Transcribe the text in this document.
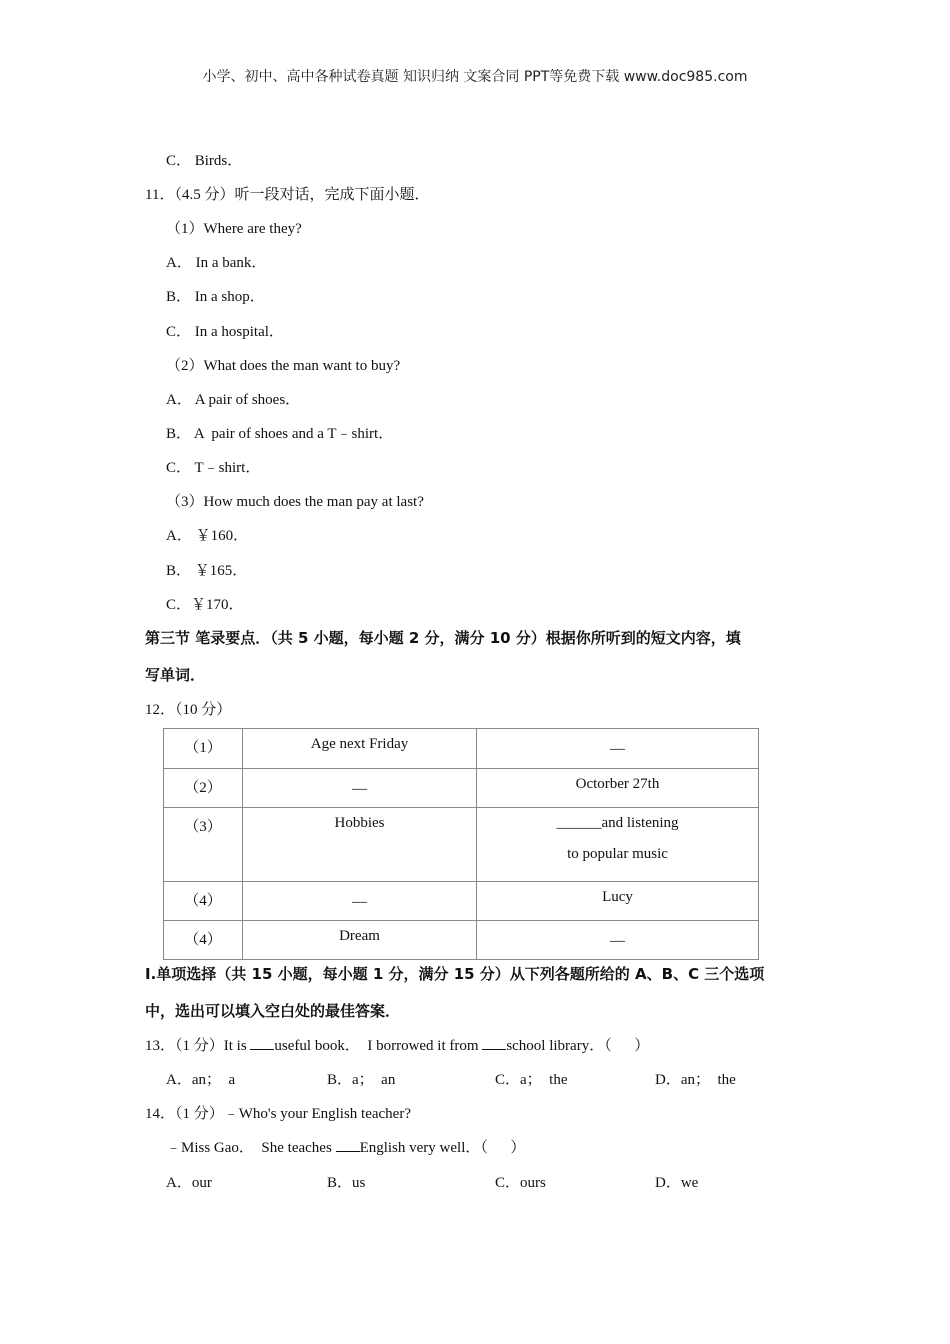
小学、初中、高中各种试卷真题 知识归纳 文案合同 PPT等免费下载 www.doc985.com
C． Birds．
11．（4.5 分）听一段对话，完成下面小题．
（1）Where are they?
A． In a bank．
B． In a shop．
C． In a hospital．
（2）What does the man want to buy?
A． A pair of shoes．
B． A  pair of shoes and a T﹣shirt．
C． T﹣shirt．
（3）How much does the man pay at last?
A． ￥160．
B． ￥165．
C．￥170．
第三节 笔录要点．（共 5 小题，每小题 2 分，满分 10 分）根据你所听到的短文内容，填
写单词．
12．（10 分）
（1）	Age next Friday	__
（2）	__	Octorber 27th
（3）	Hobbies	______and listening
to popular music

（4）	__	Lucy
（4）	Dream	__
I.单项选择（共 15 小题，每小题 1 分，满分 15 分）从下列各题所给的 A、B、C 三个选项
中，选出可以填入空白处的最佳答案．
13．（1 分）It is useful book．  I borrowed it from school library．（      ）
A．an；  a	B．a；  an	C．a；  the	D．an；  the
14．（1 分）﹣Who's your English teacher?
﹣Miss Gao．  She teaches English very well．（      ）
A．our	B．us	C．ours	D．we
